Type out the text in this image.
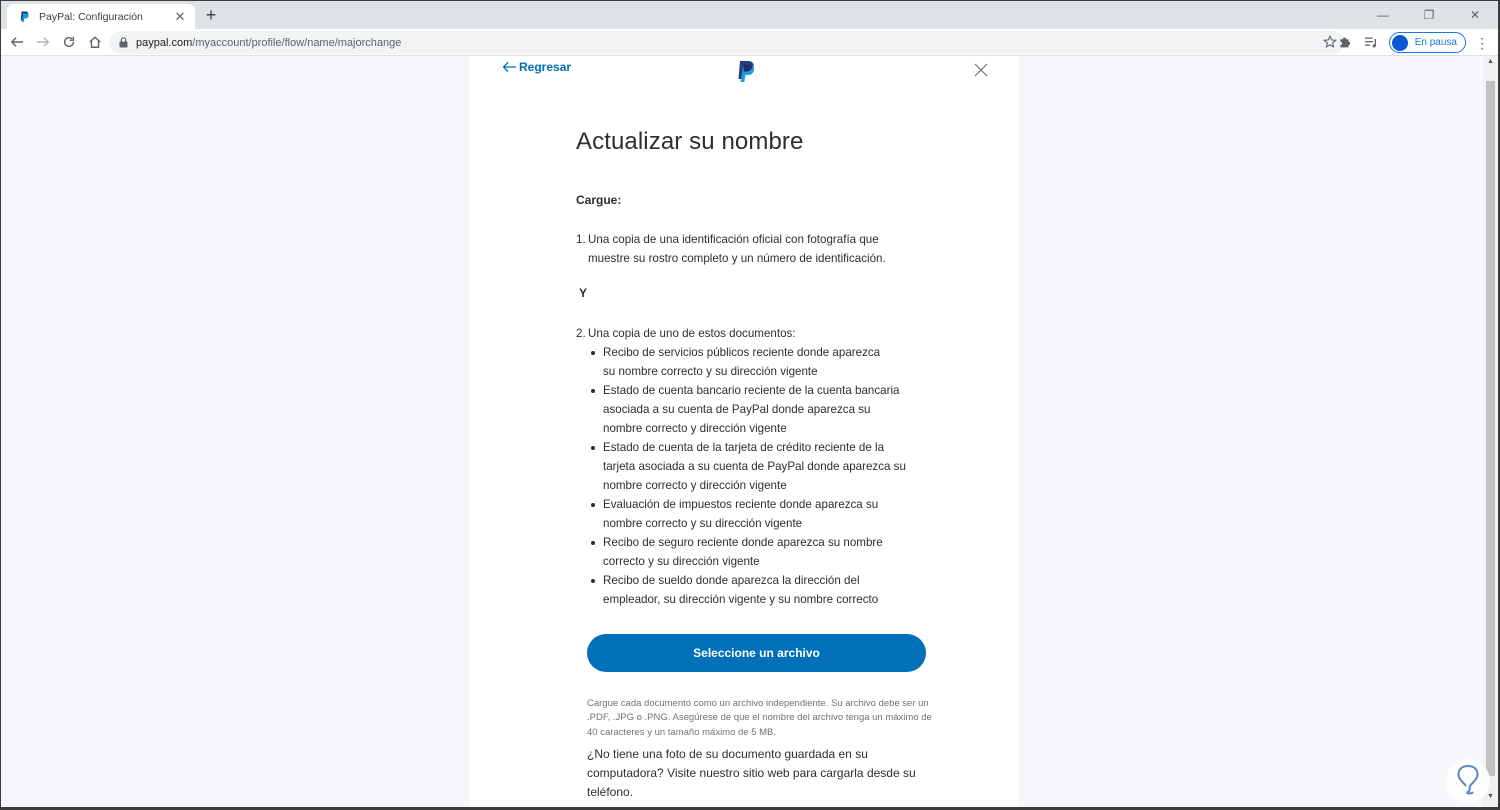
PayPal: Configuración	✕ +	—	❐	✕
paypal.com/myaccount/profile/flow/name/majorchange	En pausa ⋮
Regresar
Actualizar su nombre
Cargue:
1. Una copia de una identificación oficial con fotografía que
muestre su rostro completo y un número de identificación.
Y
2. Una copia de uno de estos documentos:
Recibo de servicios públicos reciente donde aparezca su nombre correcto y su dirección vigente
Estado de cuenta bancario reciente de la cuenta bancaria asociada a su cuenta de PayPal donde aparezca su nombre correcto y dirección vigente
Estado de cuenta de la tarjeta de crédito reciente de la tarjeta asociada a su cuenta de PayPal donde aparezca su nombre correcto y dirección vigente
Evaluación de impuestos reciente donde aparezca su nombre correcto y su dirección vigente
Recibo de seguro reciente donde aparezca su nombre correcto y su dirección vigente
Recibo de sueldo donde aparezca la dirección del empleador, su dirección vigente y su nombre correcto
Seleccione un archivo
Cargue cada documento como un archivo independiente. Su archivo debe ser un .PDF, .JPG o .PNG. Asegúrese de que el nombre del archivo tenga un máximo de 40 caracteres y un tamaño máximo de 5 MB.
¿No tiene una foto de su documento guardada en su computadora? Visite nuestro sitio web para cargarla desde su teléfono.
▲
▼
